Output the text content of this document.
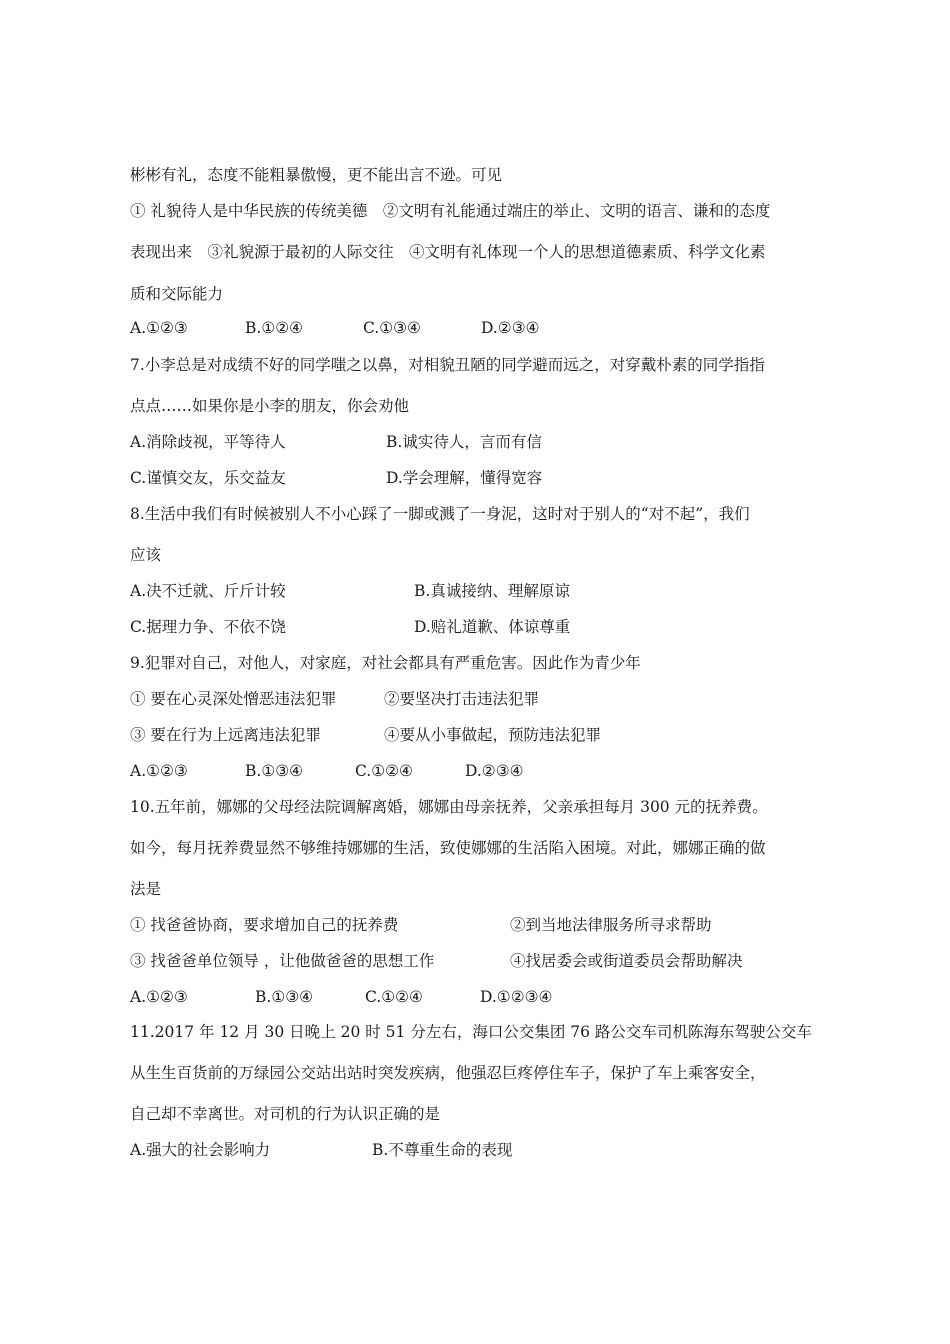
彬彬有礼，态度不能粗暴傲慢，更不能出言不逊。可见
① 礼貌待人是中华民族的传统美德　②文明有礼能通过端庄的举止、文明的语言、谦和的态度
表现出来　③礼貌源于最初的人际交往　④文明有礼体现一个人的思想道德素质、科学文化素
质和交际能力
A.①②③	B.①②④	C.①③④	D.②③④
7.小李总是对成绩不好的同学嗤之以鼻，对相貌丑陋的同学避而远之，对穿戴朴素的同学指指
点点……如果你是小李的朋友，你会劝他
A.消除歧视，平等待人	B.诚实待人，言而有信
C.谨慎交友，乐交益友	D.学会理解，懂得宽容
8.生活中我们有时候被别人不小心踩了一脚或溅了一身泥，这时对于别人的“对不起”，我们
应该
A.决不迁就、斤斤计较	B.真诚接纳、理解原谅
C.据理力争、不依不饶	D.赔礼道歉、体谅尊重
9.犯罪对自己，对他人，对家庭，对社会都具有严重危害。因此作为青少年
① 要在心灵深处憎恶违法犯罪	②要坚决打击违法犯罪
③ 要在行为上远离违法犯罪	④要从小事做起，预防违法犯罪
A.①②③	B.①③④	C.①②④	D.②③④
10.五年前，娜娜的父母经法院调解离婚，娜娜由母亲抚养，父亲承担每月 300 元的抚养费。
如今，每月抚养费显然不够维持娜娜的生活，致使娜娜的生活陷入困境。对此，娜娜正确的做
法是
① 找爸爸协商，要求增加自己的抚养费	②到当地法律服务所寻求帮助
③ 找爸爸单位领导 ，让他做爸爸的思想工作	④找居委会或街道委员会帮助解决
A.①②③	B.①③④	C.①②④	D.①②③④
11.2017 年 12 月 30 日晚上 20 时 51 分左右，海口公交集团 76 路公交车司机陈海东驾驶公交车
从生生百货前的万绿园公交站出站时突发疾病，他强忍巨疼停住车子，保护了车上乘客安全，
自己却不幸离世。对司机的行为认识正确的是
A.强大的社会影响力	B.不尊重生命的表现
